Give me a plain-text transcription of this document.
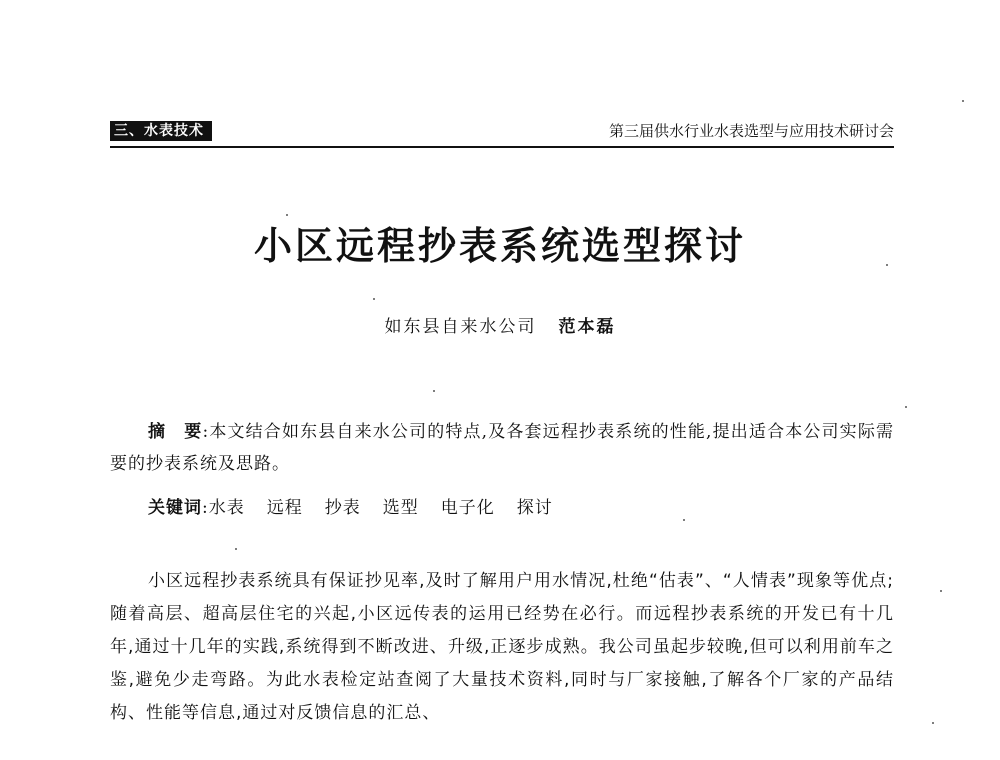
三、水表技术	第三届供水行业水表选型与应用技术研讨会
小区远程抄表系统选型探讨
如东县自来水公司 范本磊
摘　要:本文结合如东县自来水公司的特点,及各套远程抄表系统的性能,提出适合本公司实际需要的抄表系统及思路。
关键词:水表 远程 抄表 选型 电子化 探讨
小区远程抄表系统具有保证抄见率,及时了解用户用水情况,杜绝“估表”、“人情表”现象等优点;随着高层、超高层住宅的兴起,小区远传表的运用已经势在必行。而远程抄表系统的开发已有十几年,通过十几年的实践,系统得到不断改进、升级,正逐步成熟。我公司虽起步较晚,但可以利用前车之鉴,避免少走弯路。为此水表检定站查阅了大量技术资料,同时与厂家接触,了解各个厂家的产品结构、性能等信息,通过对反馈信息的汇总、
